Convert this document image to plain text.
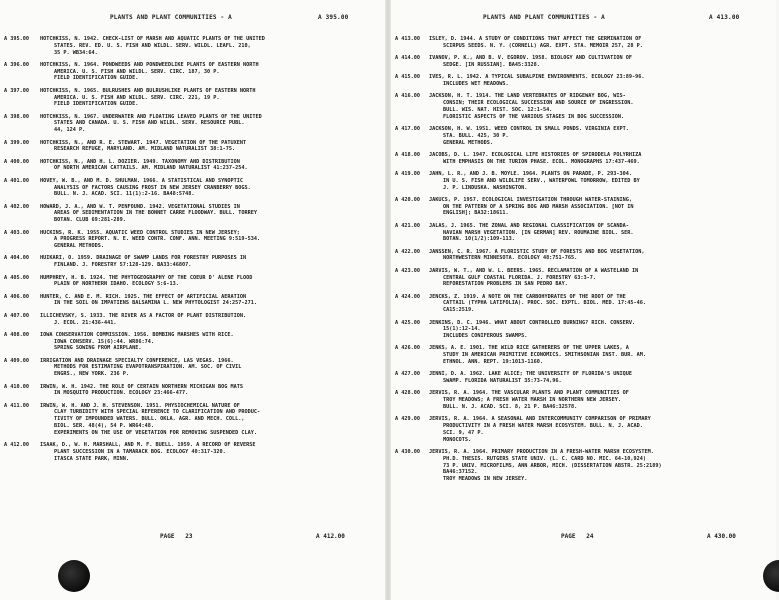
PLANTS AND PLANT COMMUNITIES - A	A 395.00
A 395.00 HOTCHKISS, N. 1942. CHECK-LIST OF MARSH AND AQUATIC PLANTS OF THE UNITED
STATES. REV. ED. U. S. FISH AND WILDL. SERV. WILDL. LEAFL. 210,
35 P. WB34:64.
A 396.00 HOTCHKISS, N. 1964. PONDWEEDS AND PONDWEEDLIKE PLANTS OF EASTERN NORTH
AMERICA. U. S. FISH AND WILDL. SERV. CIRC. 187, 30 P.
FIELD IDENTIFICATION GUIDE.
A 397.00 HOTCHKISS, N. 1965. BULRUSHES AND BULRUSHLIKE PLANTS OF EASTERN NORTH
AMERICA. U. S. FISH AND WILDL. SERV. CIRC. 221, 19 P.
FIELD IDENTIFICATION GUIDE.
A 398.00 HOTCHKISS, N. 1967. UNDERWATER AND FLOATING LEAVED PLANTS OF THE UNITED
STATES AND CANADA. U. S. FISH AND WILDL. SERV. RESOURCE PUBL.
44, 124 P.
A 399.00 HOTCHKISS, N., AND R. E. STEWART. 1947. VEGETATION OF THE PATUXENT
RESEARCH REFUGE, MARYLAND. AM. MIDLAND NATURALIST 38:1-75.
A 400.00 HOTCHKISS, N., AND H. L. DOZIER. 1949. TAXONOMY AND DISTRIBUTION
OF NORTH AMERICAN CATTAILS. AM. MIDLAND NATURALIST 41:237-254.
A 401.00 HOVEY, W. B., AND M. D. SHULMAN. 1966. A STATISTICAL AND SYNOPTIC
ANALYSIS OF FACTORS CAUSING FROST IN NEW JERSEY CRANBERRY BOGS.
BULL. N. J. ACAD. SCI. 11(1):2-16. BA48:5748.
A 402.00 HOWARD, J. A., AND W. T. PENFOUND. 1942. VEGETATIONAL STUDIES IN
AREAS OF SEDIMENTATION IN THE BONNET CARRE FLOODWAY. BULL. TORREY
BOTAN. CLUB 69:281-289.
A 403.00 HUCKINS, R. K. 1955. AQUATIC WEED CONTROL STUDIES IN NEW JERSEY;
A PROGRESS REPORT. N. E. WEED CONTR. CONF. ANN. MEETING 9:519-534.
GENERAL METHODS.
A 404.00 HUIKARI, O. 1959. DRAINAGE OF SWAMP LANDS FOR FORESTRY PURPOSES IN
FINLAND. J. FORESTRY 57:128-129. BA33:46807.
A 405.00 HUMPHREY, H. B. 1924. THE PHYTOGEOGRAPHY OF THE COEUR D' ALENE FLOOD
PLAIN OF NORTHERN IDAHO. ECOLOGY 5:6-13.
A 406.00 HUNTER, C. AND E. M. RICH. 1925. THE EFFECT OF ARTIFICIAL AERATION
IN THE SOIL ON IMPATIENS BALSAMINA L. NEW PHYTOLOGIST 24:257-271.
A 407.00 ILLICHEVSKY, S. 1933. THE RIVER AS A FACTOR OF PLANT DISTRIBUTION.
J. ECOL. 21:436-441.
A 408.00 IOWA CONSERVATION COMMISSION. 1956. BOMBING MARSHES WITH RICE.
IOWA CONSERV. 15(6):44. WR86:74.
SPRING SOWING FROM AIRPLANE.
A 409.00 IRRIGATION AND DRAINAGE SPECIALTY CONFERENCE, LAS VEGAS. 1966.
METHODS FOR ESTIMATING EVAPOTRANSPIRATION. AM. SOC. OF CIVIL
ENGRS., NEW YORK. 236 P.
A 410.00 IRWIN, W. H. 1942. THE ROLE OF CERTAIN NORTHERN MICHIGAN BOG MATS
IN MOSQUITO PRODUCTION. ECOLOGY 23:466-477.
A 411.00 IRWIN, W. H. AND J. H. STEVENSON. 1951. PHYSIOCHEMICAL NATURE OF
CLAY TURBIDITY WITH SPECIAL REFERENCE TO CLARIFICATION AND PRODUC-
TIVITY OF IMPOUNDED WATERS. BULL. OKLA. AGR. AND MECH. COLL.,
BIOL. SER. 48(4), 54 P. WR64:48.
EXPERIMENTS ON THE USE OF VEGETATION FOR REMOVING SUSPENDED CLAY.
A 412.00 ISAAK, D., W. H. MARSHALL, AND M. F. BUELL. 1959. A RECORD OF REVERSE
PLANT SUCCESSION IN A TAMARACK BOG. ECOLOGY 40:317-320.
ITASCA STATE PARK, MINN.
PAGE   23	A 412.00
PLANTS AND PLANT COMMUNITIES - A	A 413.00
A 413.00 ISLEY, D. 1944. A STUDY OF CONDITIONS THAT AFFECT THE GERMINATION OF
SCIRPUS SEEDS. N. Y. (CORNELL) AGR. EXPT. STA. MEMOIR 257, 28 P.
A 414.00 IVANOV, P. K., AND B. V. EGOROV. 1958. BIOLOGY AND CULTIVATION OF
SEDGE. [IN RUSSIAN]. BA45:3328.
A 415.00 IVES, R. L. 1942. A TYPICAL SUBALPINE ENVIRONMENTS. ECOLOGY 23:89-96.
INCLUDES WET MEADOWS.
A 416.00 JACKSON, H. T. 1914. THE LAND VERTEBRATES OF RIDGEWAY BOG, WIS-
CONSIN; THEIR ECOLOGICAL SUCCESSION AND SOURCE OF INGRESSION.
BULL. WIS. NAT. HIST. SOC. 12:1-54.
FLORISTIC ASPECTS OF THE VARIOUS STAGES IN BOG SUCCESSION.
A 417.00 JACKSON, H. W. 1951. WEED CONTROL IN SMALL PONDS. VIRGINIA EXPT.
STA. BULL. 425, 30 P.
GENERAL METHODS.
A 418.00 JACOBS, D. L. 1947. ECOLOGICAL LIFE HISTORIES OF SPIRODELA POLYRHIZA
WITH EMPHASIS ON THE TURION PHASE. ECOL. MONOGRAPHS 17:437-469.
A 419.00 JAHN, L. R., AND J. B. MOYLE. 1964. PLANTS ON PARADE, P. 293-304.
IN U. S. FISH AND WILDLIFE SERV., WATERFOWL TOMORROW, EDITED BY
J. P. LINDUSKA. WASHINGTON.
A 420.00 JAKUCS, P. 1957. ECOLOGICAL INVESTIGATION THROUGH WATER-STAINING,
ON THE PATTERN OF A SPRING BOG AND MARSH ASSOCIATION. [NOT IN
ENGLISH]; BA32:18611.
A 421.00 JALAS, J. 1965. THE ZONAL AND REGIONAL CLASSIFICATION OF SCANDA-
NAVIAN MARSH VEGETATION. [IN GERMAN] REV. ROUMAINE BIOL. SER.
BOTAN. 10(1/2):109-113.
A 422.00 JANSSEN, C. R. 1967. A FLORISTIC STUDY OF FORESTS AND BOG VEGETATION,
NORTHWESTERN MINNESOTA. ECOLOGY 48:751-765.
A 423.00 JARVIS, W. T., AND W. L. BEERS. 1965. RECLAMATION OF A WASTELAND IN
CENTRAL GULF COASTAL FLORIDA. J. FORESTRY 63:3-7.
REFORESTATION PROBLEMS IN SAN PEDRO BAY.
A 424.00 JENCKS, Z. 1919. A NOTE ON THE CARBOHYDRATES OF THE ROOT OF THE
CATTAIL (TYPHA LATIFOLIA). PROC. SOC. EXPTL. BIOL. MED. 17:45-46.
CA15:2519.
A 425.00 JENKINS, D. C. 1946. WHAT ABOUT CONTROLLED BURNING? RICH. CONSERV.
15(1):12-14.
INCLUDES CONIFEROUS SWAMPS.
A 426.00 JENKS, A. E. 1901. THE WILD RICE GATHERERS OF THE UPPER LAKES, A
STUDY IN AMERICAN PRIMITIVE ECONOMICS. SMITHSONIAN INST. BUR. AM.
ETHNOL. ANN. REPT. 19:1013-1160.
A 427.00 JENNI, D. A. 1962. LAKE ALICE; THE UNIVERSITY OF FLORIDA'S UNIQUE
SWAMP. FLORIDA NATURALIST 35:73-74,96.
A 428.00 JERVIS, R. A. 1964. THE VASCULAR PLANTS AND PLANT COMMUNITIES OF
TROY MEADOWS; A FRESH WATER MARSH IN NORTHERN NEW JERSEY.
BULL. N. J. ACAD. SCI. 8, 21 P. BA46:32578.
A 429.00 JERVIS, R. A. 1964. A SEASONAL AND INTERCOMMUNITY COMPARISON OF PRIMARY
PRODUCTIVITY IN A FRESH WATER MARSH ECOSYSTEM. BULL. N. J. ACAD.
SCI. 9, 47 P.
MONOCOTS.
A 430.00 JERVIS, R. A. 1964. PRIMARY PRODUCTION IN A FRESH-WATER MARSH ECOSYSTEM.
PH.D. THESIS. RUTGERS STATE UNIV. (L. C. CARD NO. MIC. 64-10,924)
73 P. UNIV. MICROFILMS, ANN ARBOR, MICH. (DISSERTATION ABSTR. 25:2189)
BA46:37152.
TROY MEADOWS IN NEW JERSEY.
PAGE   24	A 430.00
